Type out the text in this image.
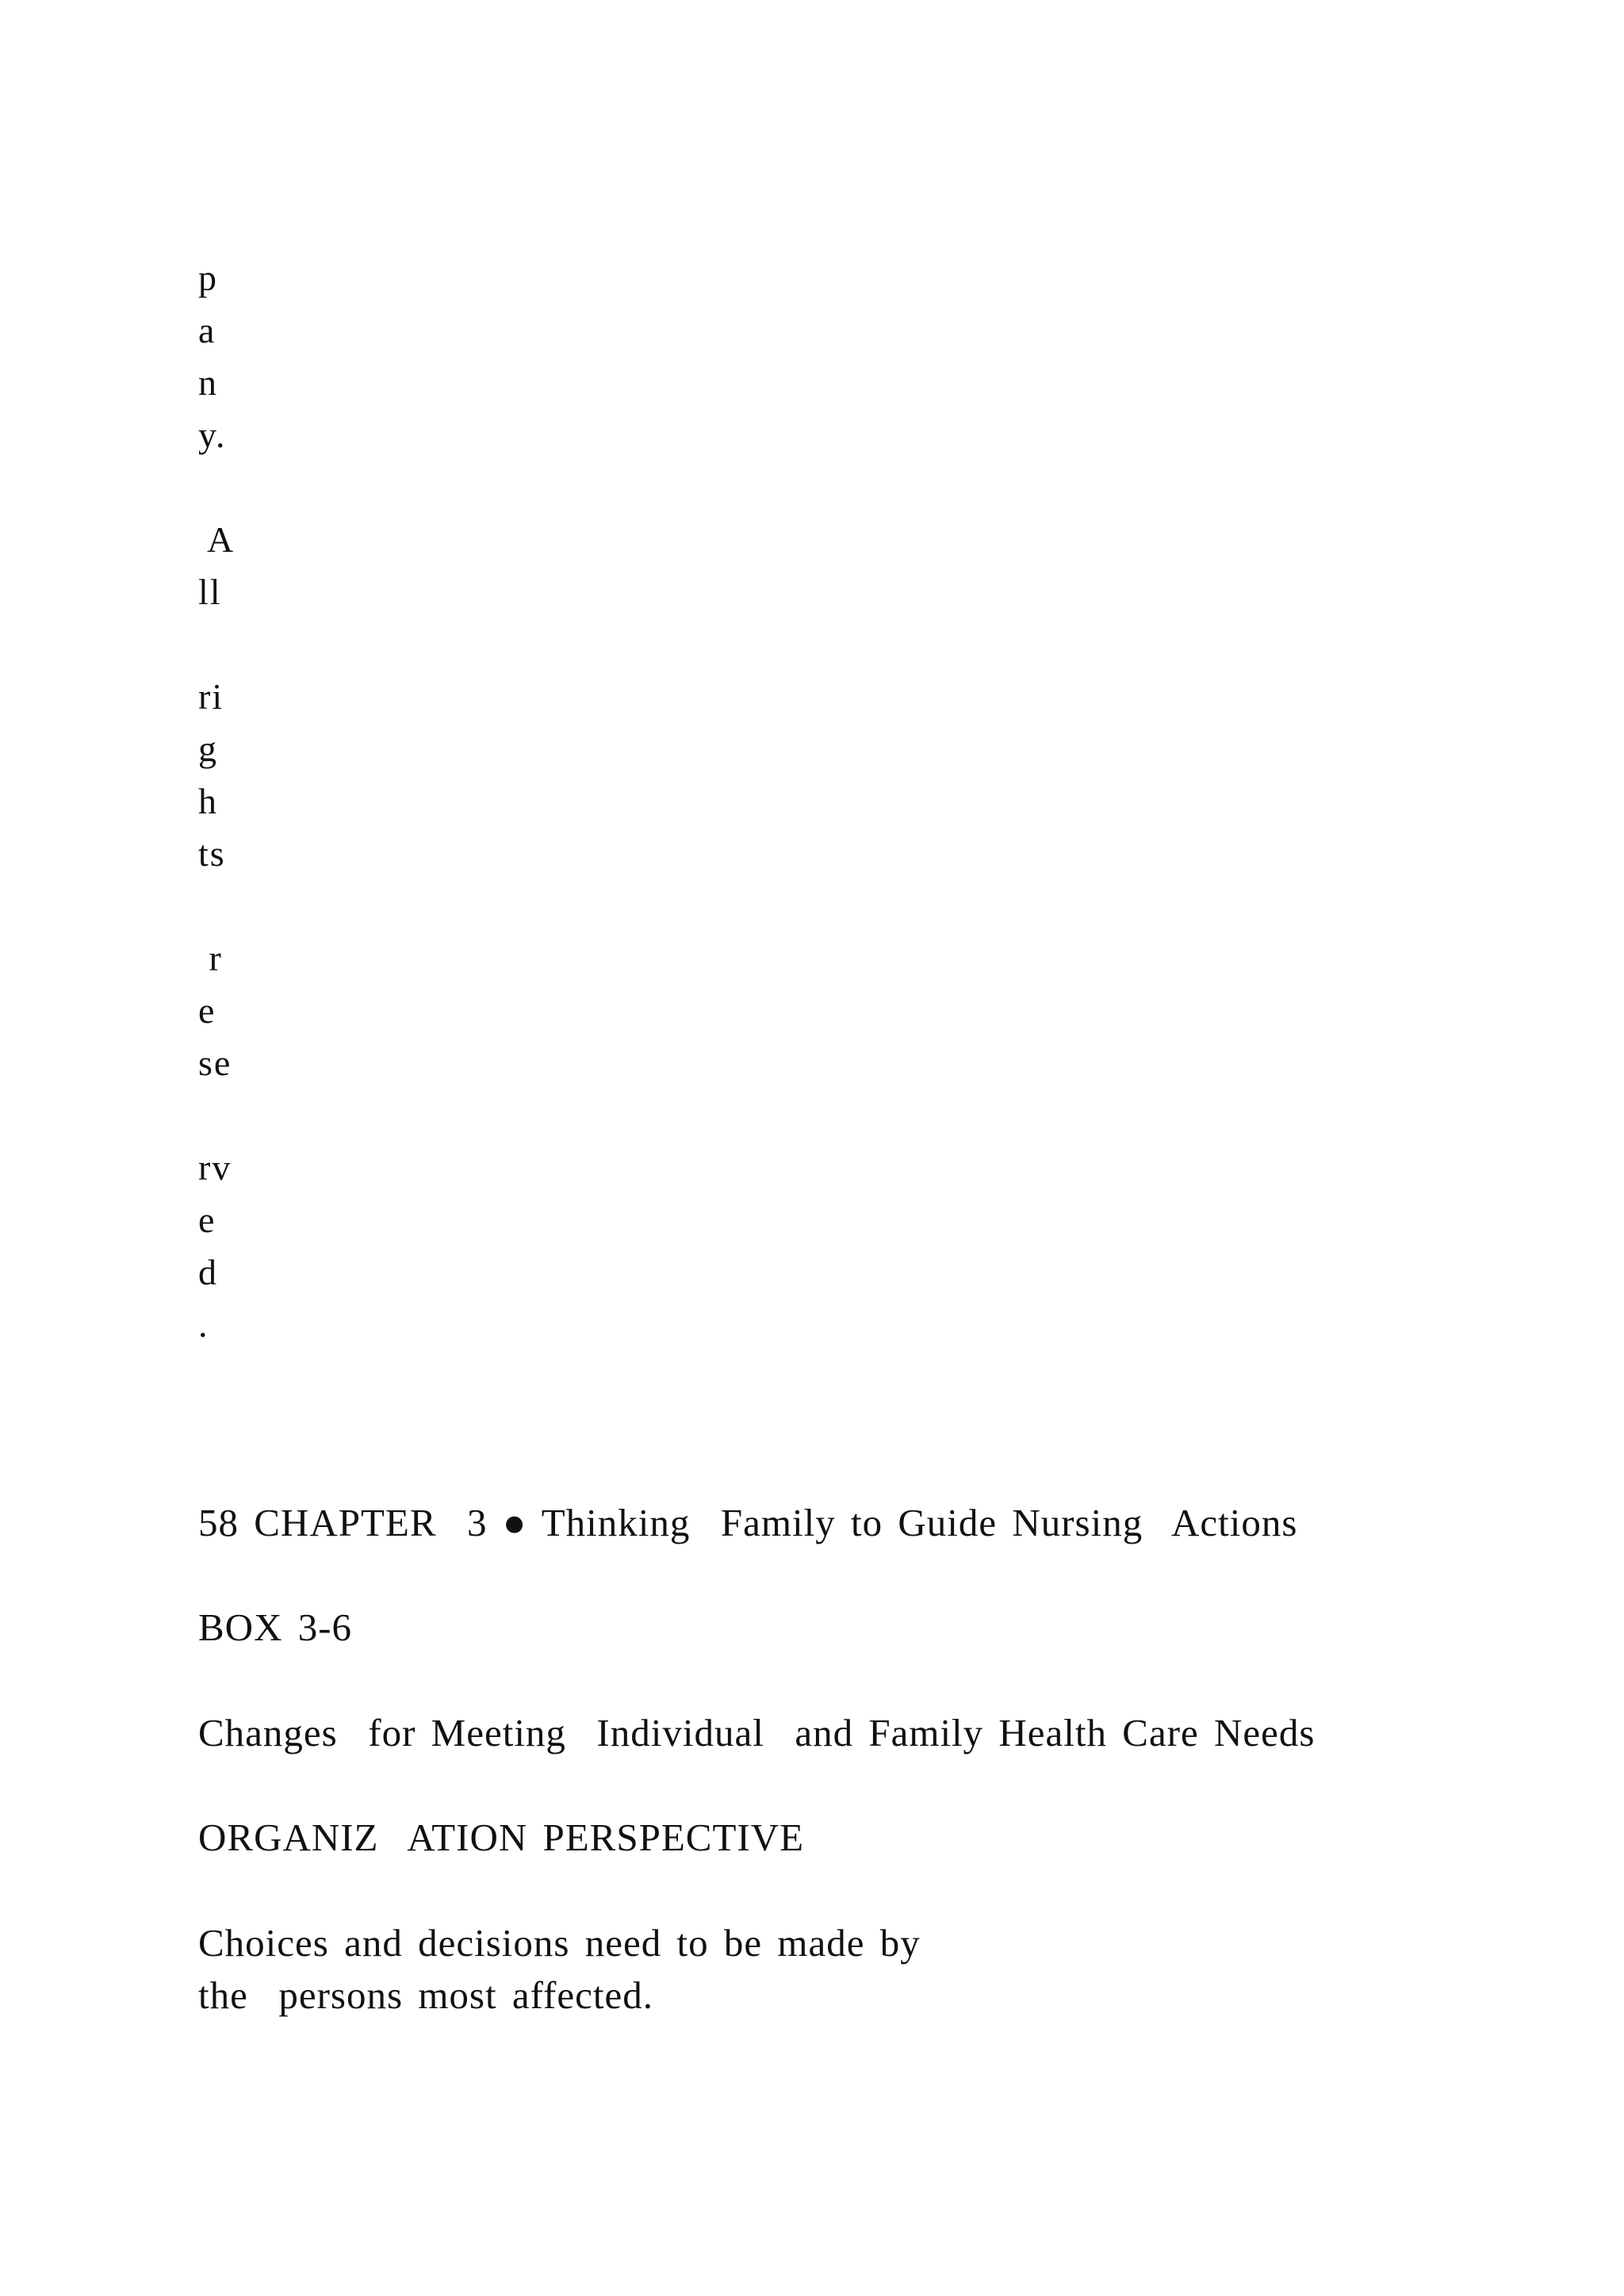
p
a
n
y.
A
ll
ri
g
h
ts
r
e
se
rv
e
d
.
58 CHAPTER  3 ● Thinking  Family to Guide Nursing  Actions
BOX 3-6
Changes  for Meeting  Individual  and Family Health Care Needs
ORGANIZ  ATION PERSPECTIVE
Choices and decisions need to be made by
the  persons most affected.
